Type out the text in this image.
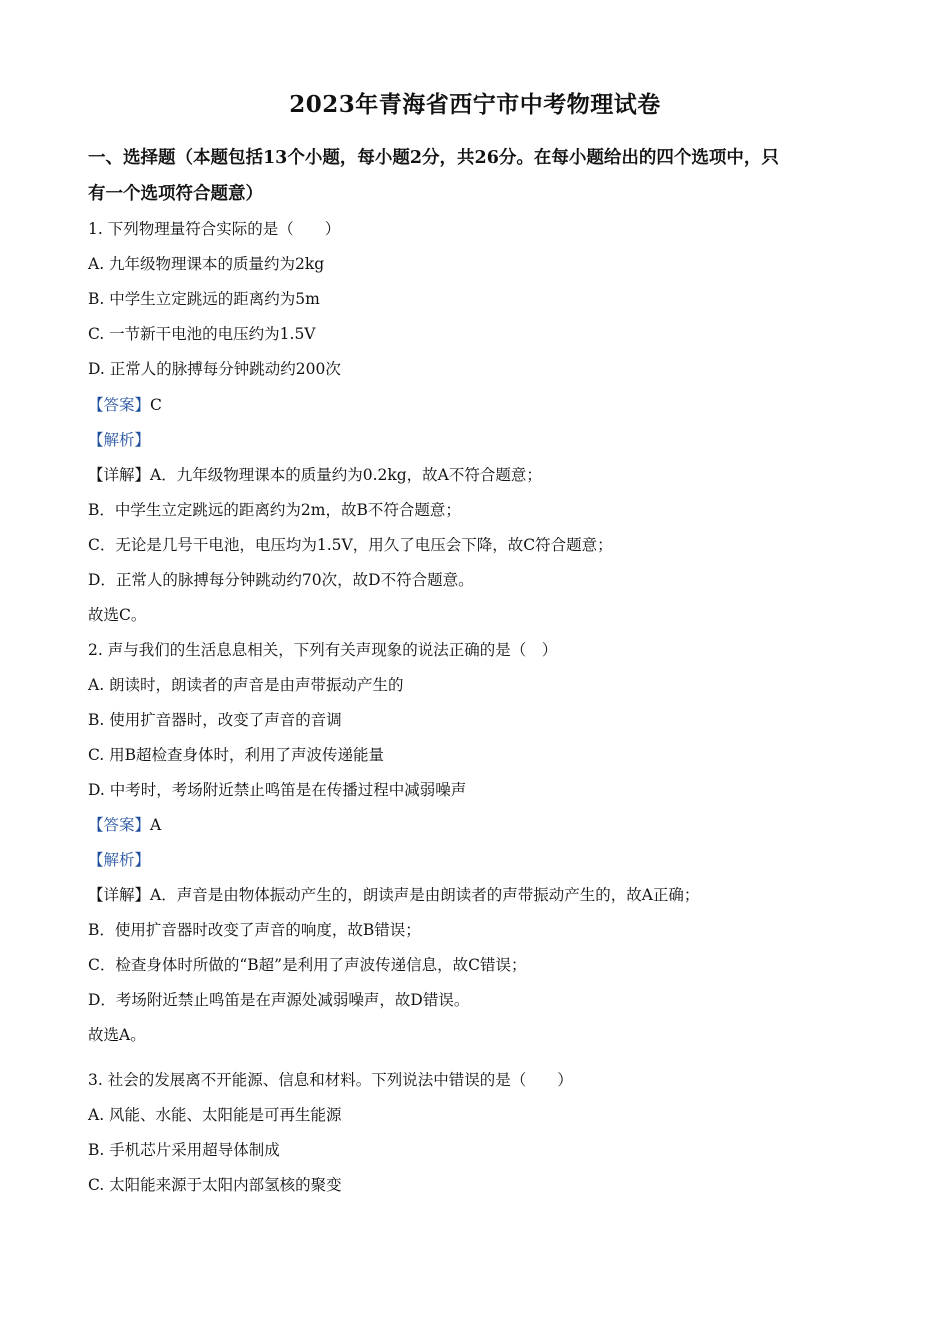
2023年青海省西宁市中考物理试卷
一、选择题（本题包括13个小题，每小题2分，共26分。在每小题给出的四个选项中，只
有一个选项符合题意）
1. 下列物理量符合实际的是（　　）
A. 九年级物理课本的质量约为2kg
B. 中学生立定跳远的距离约为5m
C. 一节新干电池的电压约为1.5V
D. 正常人的脉搏每分钟跳动约200次
【答案】C
【解析】
【详解】A．九年级物理课本的质量约为0.2kg，故A不符合题意；
B．中学生立定跳远的距离约为2m，故B不符合题意；
C．无论是几号干电池，电压均为1.5V，用久了电压会下降，故C符合题意；
D．正常人的脉搏每分钟跳动约70次，故D不符合题意。
故选C。
2. 声与我们的生活息息相关，下列有关声现象的说法正确的是（　）
A. 朗读时，朗读者的声音是由声带振动产生的
B. 使用扩音器时，改变了声音的音调
C. 用B超检查身体时，利用了声波传递能量
D. 中考时，考场附近禁止鸣笛是在传播过程中减弱噪声
【答案】A
【解析】
【详解】A．声音是由物体振动产生的，朗读声是由朗读者的声带振动产生的，故A正确；
B．使用扩音器时改变了声音的响度，故B错误；
C．检查身体时所做的“B超”是利用了声波传递信息，故C错误；
D．考场附近禁止鸣笛是在声源处减弱噪声，故D错误。
故选A。
3. 社会的发展离不开能源、信息和材料。下列说法中错误的是（　　）
A. 风能、水能、太阳能是可再生能源
B. 手机芯片采用超导体制成
C. 太阳能来源于太阳内部氢核的聚变
